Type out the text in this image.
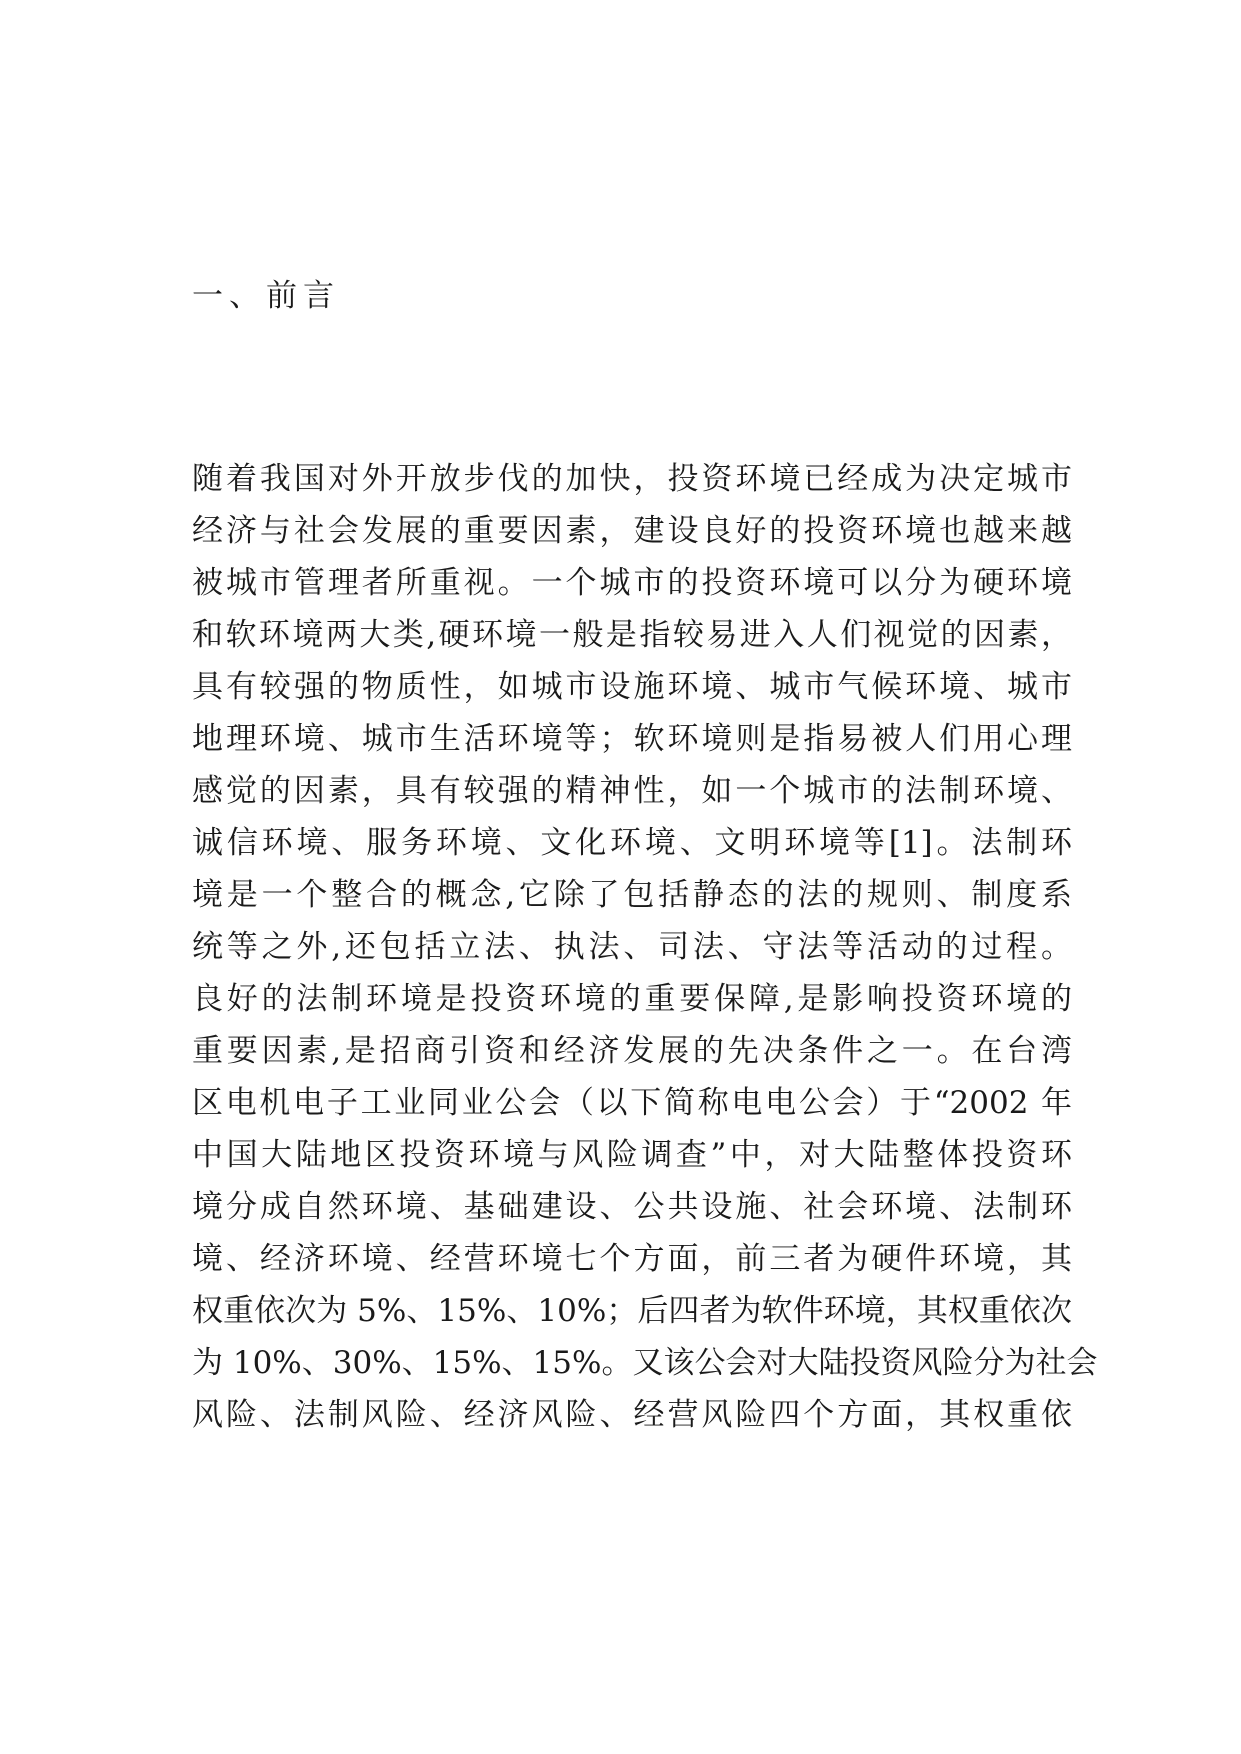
一、前言
随着我国对外开放步伐的加快，投资环境已经成为决定城市
经济与社会发展的重要因素，建设良好的投资环境也越来越
被城市管理者所重视。一个城市的投资环境可以分为硬环境
和软环境两大类,硬环境一般是指较易进入人们视觉的因素，
具有较强的物质性，如城市设施环境、城市气候环境、城市
地理环境、城市生活环境等；软环境则是指易被人们用心理
感觉的因素，具有较强的精神性，如一个城市的法制环境、
诚信环境、服务环境、文化环境、文明环境等[1]。法制环
境是一个整合的概念,它除了包括静态的法的规则、制度系
统等之外,还包括立法、执法、司法、守法等活动的过程。
良好的法制环境是投资环境的重要保障,是影响投资环境的
重要因素,是招商引资和经济发展的先决条件之一。在台湾
区电机电子工业同业公会（以下简称电电公会）于“2002 年
中国大陆地区投资环境与风险调查”中，对大陆整体投资环
境分成自然环境、基础建设、公共设施、社会环境、法制环
境、经济环境、经营环境七个方面，前三者为硬件环境，其
权重依次为 5%、15%、10%；后四者为软件环境，其权重依次
为 10%、30%、15%、15%。又该公会对大陆投资风险分为社会
风险、法制风险、经济风险、经营风险四个方面，其权重依
